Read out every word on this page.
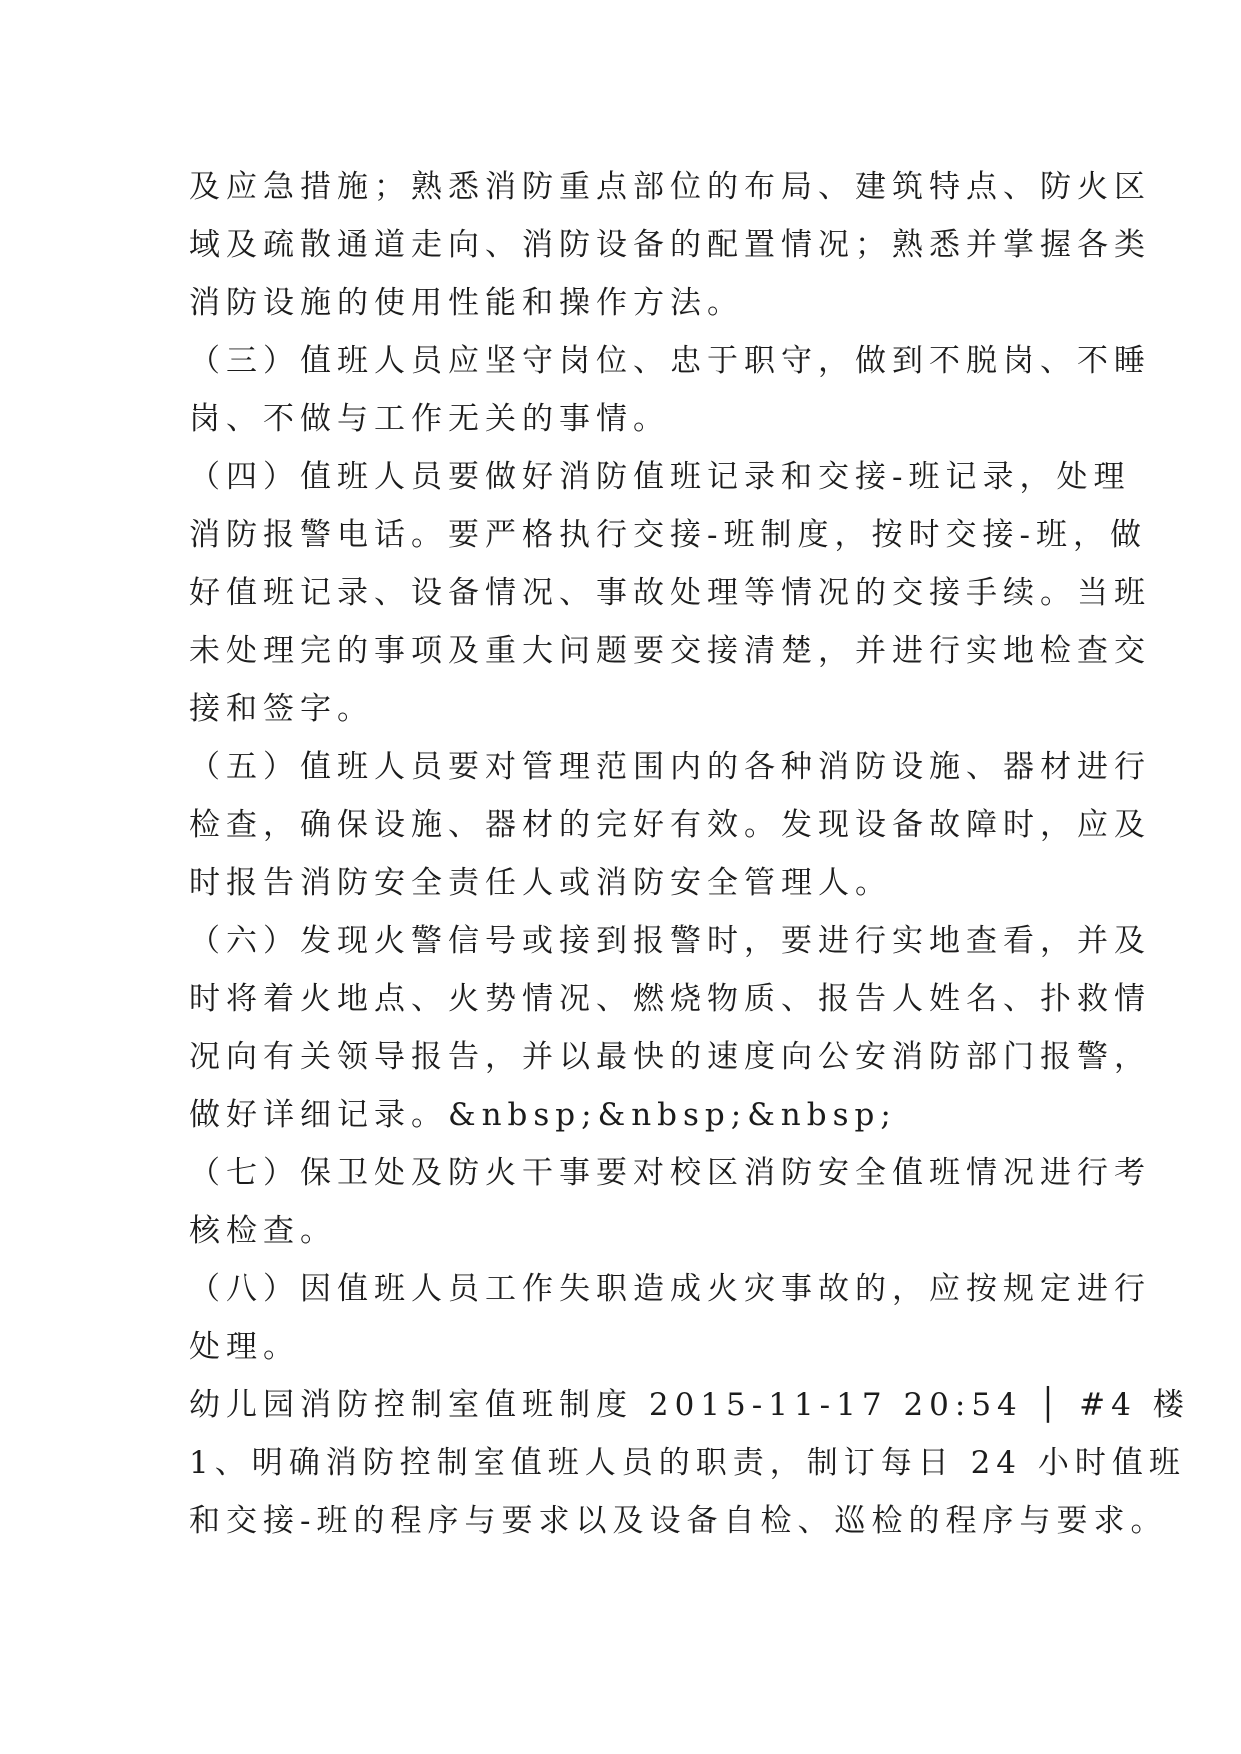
及应急措施；熟悉消防重点部位的布局、建筑特点、防火区
域及疏散通道走向、消防设备的配置情况；熟悉并掌握各类
消防设施的使用性能和操作方法。
（三）值班人员应坚守岗位、忠于职守，做到不脱岗、不睡
岗、不做与工作无关的事情。
（四）值班人员要做好消防值班记录和交接-班记录，处理
消防报警电话。要严格执行交接-班制度，按时交接-班，做
好值班记录、设备情况、事故处理等情况的交接手续。当班
未处理完的事项及重大问题要交接清楚，并进行实地检查交
接和签字。
（五）值班人员要对管理范围内的各种消防设施、器材进行
检查，确保设施、器材的完好有效。发现设备故障时，应及
时报告消防安全责任人或消防安全管理人。
（六）发现火警信号或接到报警时，要进行实地查看，并及
时将着火地点、火势情况、燃烧物质、报告人姓名、扑救情
况向有关领导报告，并以最快的速度向公安消防部门报警，
做好详细记录。&nbsp;&nbsp;&nbsp;
（七）保卫处及防火干事要对校区消防安全值班情况进行考
核检查。
（八）因值班人员工作失职造成火灾事故的，应按规定进行
处理。
幼儿园消防控制室值班制度 2015-11-17 20:54 │ #4 楼
1、明确消防控制室值班人员的职责，制订每日 24 小时值班
和交接-班的程序与要求以及设备自检、巡检的程序与要求。
